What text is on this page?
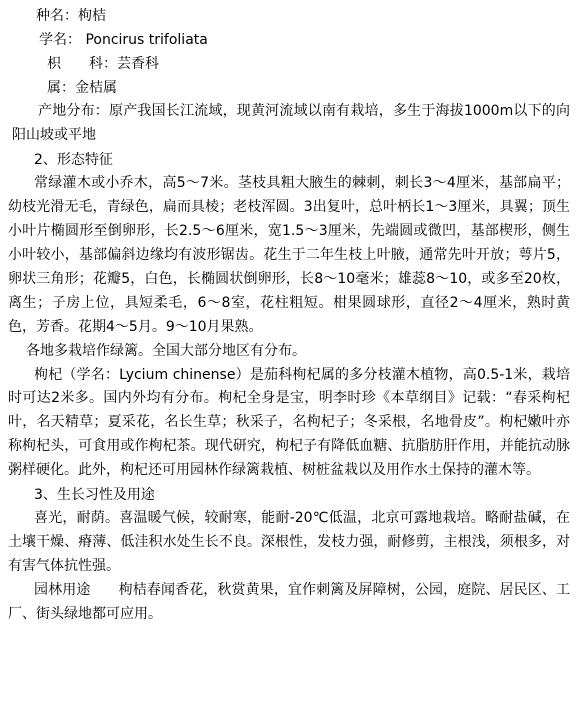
种名：枸桔

学名： Poncirus trifoliata

枳 科：芸香科

属：金桔属

产地分布：原产我国长江流域，现黄河流域以南有栽培，多生于海拔1000m以下的向阳山坡或平地

2、形态特征

常绿灌木或小乔木，高5～7米。茎枝具粗大腋生的棘刺，刺长3～4厘米，基部扁平；幼枝光滑无毛，青绿色，扁而具棱；老枝浑圆。3出复叶，总叶柄长1～3厘米，具翼；顶生小叶片椭圆形至倒卵形，长2.5～6厘米，宽1.5～3厘米，先端圆或微凹，基部楔形，侧生小叶较小，基部偏斜边缘均有波形锯齿。花生于二年生枝上叶腋，通常先叶开放；萼片5，卵状三角形；花瓣5，白色，长椭圆状倒卵形，长8～10毫米；雄蕊8～10，或多至20枚，离生；子房上位，具短柔毛，6～8室，花柱粗短。柑果圆球形，直径2～4厘米，熟时黄色，芳香。花期4～5月。9～10月果熟。

各地多栽培作绿篱。全国大部分地区有分布。

枸杞（学名：Lycium chinense）是茄科枸杞属的多分枝灌木植物，高0.5-1米，栽培时可达2米多。国内外均有分布。枸杞全身是宝，明李时珍《本草纲目》记载：“春采枸杞叶，名天精草；夏采花，名长生草；秋采子，名枸杞子；冬采根，名地骨皮”。枸杞嫩叶亦称枸杞头，可食用或作枸杞茶。现代研究，枸杞子有降低血糖、抗脂肪肝作用，并能抗动脉粥样硬化。此外，枸杞还可用园林作绿篱栽植、树桩盆栽以及用作水土保持的灌木等。

3、生长习性及用途

喜光，耐荫。喜温暖气候，较耐寒，能耐-20℃低温，北京可露地栽培。略耐盐碱，在土壤干燥、瘠薄、低洼积水处生长不良。深根性，发枝力强，耐修剪，主根浅，须根多，对有害气体抗性强。

园林用途　　枸桔春闻香花，秋赏黄果，宜作刺篱及屏障树，公园，庭院、居民区、工厂、街头绿地都可应用。
